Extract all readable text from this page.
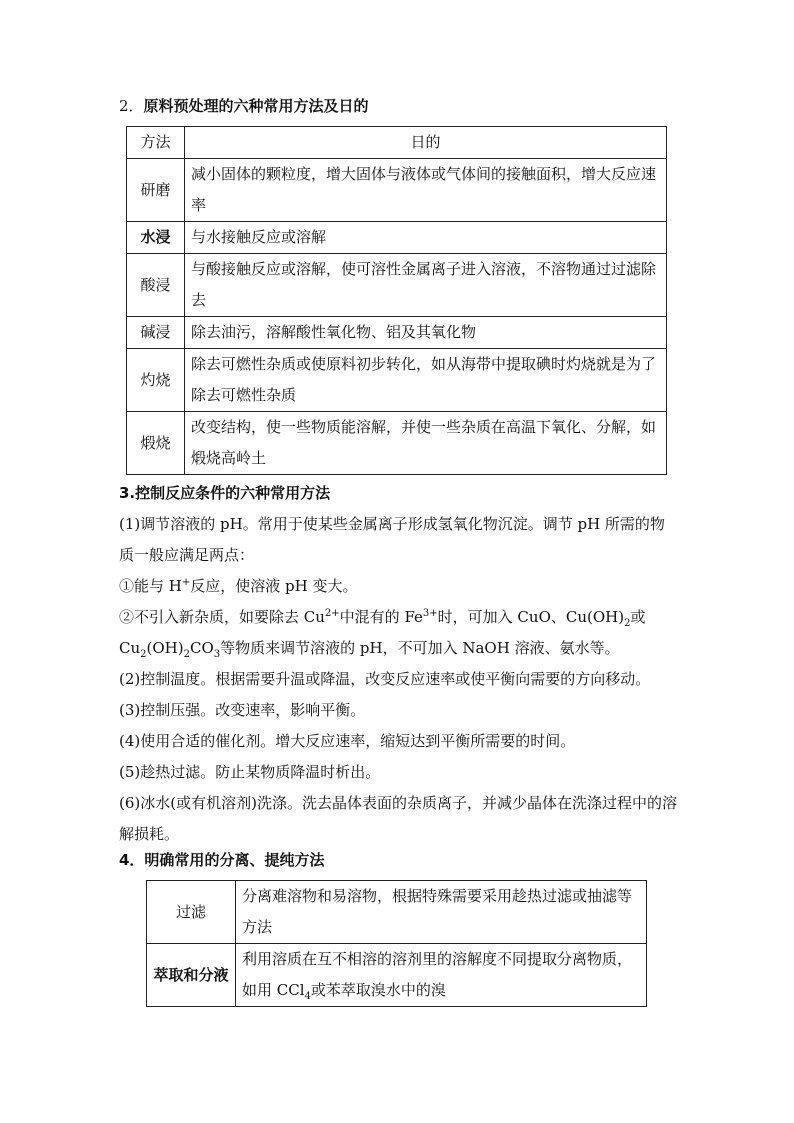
2．原料预处理的六种常用方法及日的
方法	日的
研磨	减小固体的颗粒度，增大固体与液体或气体间的接触面积，增大反应速率
水浸	与水接触反应或溶解
酸浸	与酸接触反应或溶解，使可溶性金属离子进入溶液，不溶物通过过滤除去
碱浸	除去油污，溶解酸性氧化物、铝及其氧化物
灼烧	除去可燃性杂质或使原料初步转化，如从海带中提取碘时灼烧就是为了除去可燃性杂质
煅烧	改变结构，使一些物质能溶解，并使一些杂质在高温下氧化、分解，如煅烧高岭土

3.控制反应条件的六种常用方法

(1)调节溶液的 pH。常用于使某些金属离子形成氢氧化物沉淀。调节 pH 所需的物质一般应满足两点：

①能与 H+反应，使溶液 pH 变大。

②不引入新杂质，如要除去 $Cu^{2+}$中混有的 $Fe^{3+}$时，可加入 CuO、$Cu(OH)_2$或 $Cu_2(OH)_2CO_3$等物质来调节溶液的 pH，不可加入 NaOH 溶液、氨水等。

(2)控制温度。根据需要升温或降温，改变反应速率或使平衡向需要的方向移动。

(3)控制压强。改变速率，影响平衡。

(4)使用合适的催化剂。增大反应速率，缩短达到平衡所需要的时间。

(5)趁热过滤。防止某物质降温时析出。

(6)冰水(或有机溶剂)洗涤。洗去晶体表面的杂质离子，并减少晶体在洗涤过程中的溶解损耗。

4．明确常用的分离、提纯方法
过滤	分离难溶物和易溶物，根据特殊需要采用趁热过滤或抽滤等方法
萃取和分液	利用溶质在互不相溶的溶剂里的溶解度不同提取分离物质，如用 CCl$_4$或苯萃取溴水中的溴
